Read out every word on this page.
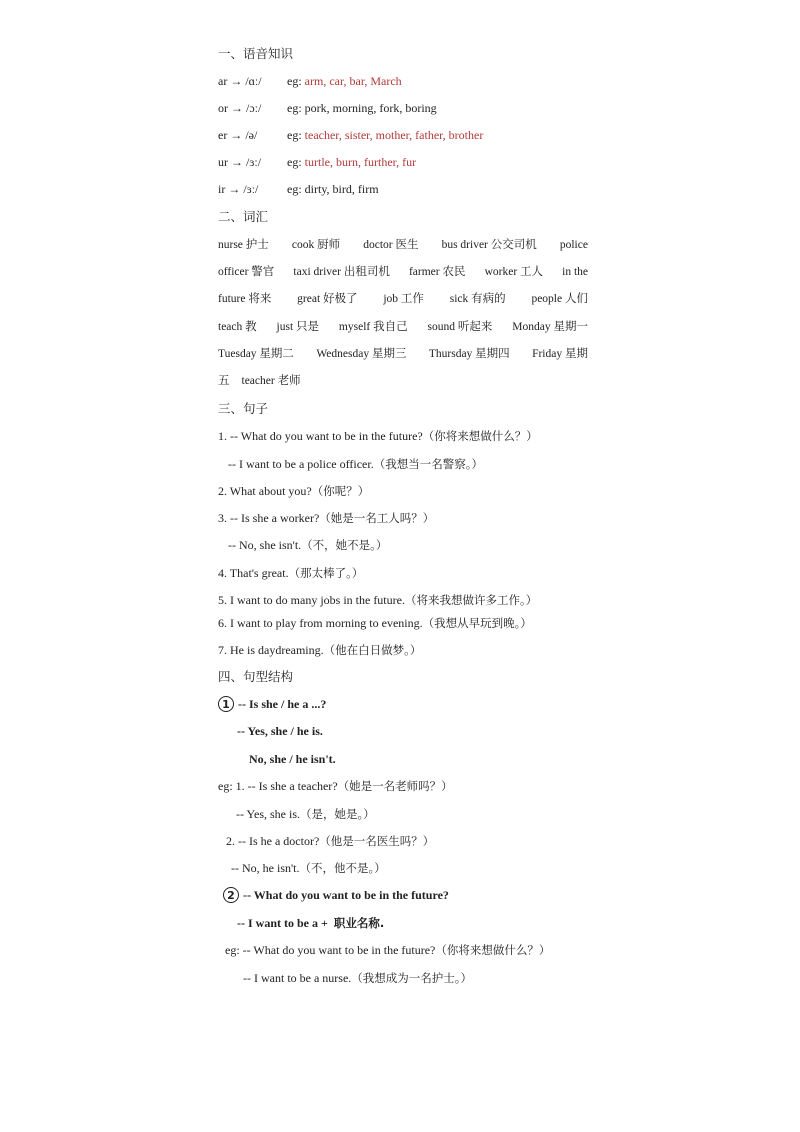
一、语音知识
ar → /ɑː/ eg: arm, car, bar, March
or → /ɔː/ eg: pork, morning, fork, boring
er → /ə/ eg: teacher, sister, mother, father, brother
ur → /ɜː/ eg: turtle, burn, further, fur
ir → /ɜː/ eg: dirty, bird, firm
二、词汇
nurse 护士 cook 厨师 doctor 医生 bus driver 公交司机 police
officer 警官 taxi driver 出租司机 farmer 农民 worker 工人 in the
future 将来 great 好极了 job 工作 sick 有病的 people 人们
teach 教 just 只是 myself 我自己 sound 听起来 Monday 星期一
Tuesday 星期二 Wednesday 星期三 Thursday 星期四 Friday 星期
五 teacher 老师
三、句子
1. -- What do you want to be in the future?（你将来想做什么？）
-- I want to be a police officer.（我想当一名警察。）
2. What about you?（你呢？）
3. -- Is she a worker?（她是一名工人吗？）
-- No, she isn't.（不，她不是。）
4. That's great.（那太棒了。）
5. I want to do many jobs in the future.（将来我想做许多工作。）
6. I want to play from morning to evening.（我想从早玩到晚。）
7. He is daydreaming.（他在白日做梦。）
四、句型结构
1 -- Is she / he a ...?
-- Yes, she / he is.
No, she / he isn't.
eg: 1. -- Is she a teacher?（她是一名老师吗？）
-- Yes, she is.（是，她是。）
2. -- Is he a doctor?（他是一名医生吗？）
-- No, he isn't.（不，他不是。）
2 -- What do you want to be in the future?
-- I want to be a + 职业名称.
eg: -- What do you want to be in the future?（你将来想做什么？）
-- I want to be a nurse.（我想成为一名护士。）
